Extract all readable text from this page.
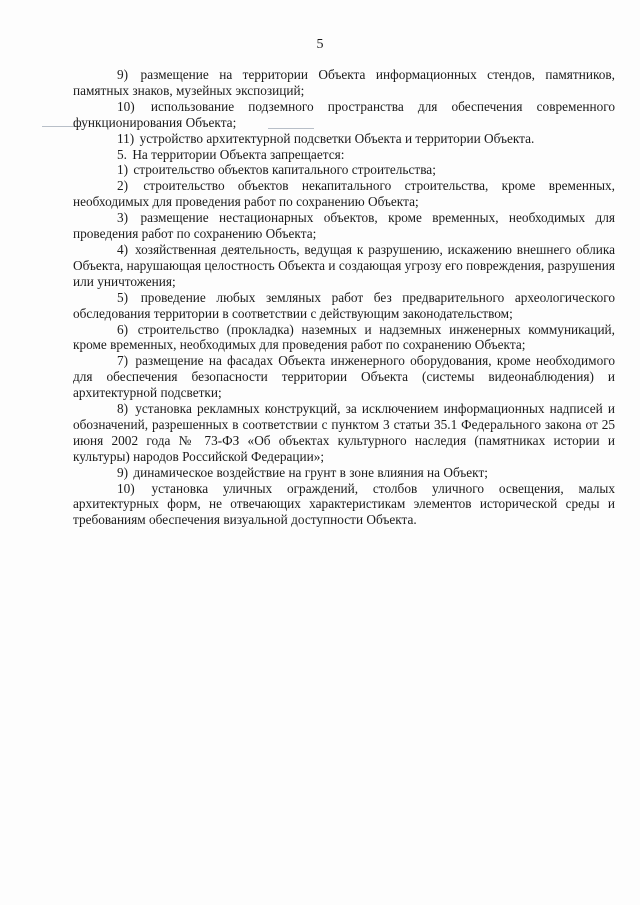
5

9) размещение на территории Объекта информационных стендов, памятников, памятных знаков, музейных экспозиций;

10) использование подземного пространства для обеспечения современного функционирования Объекта;

11) устройство архитектурной подсветки Объекта и территории Объекта.

5. На территории Объекта запрещается:

1) строительство объектов капитального строительства;

2) строительство объектов некапитального строительства, кроме временных, необходимых для проведения работ по сохранению Объекта;

3) размещение нестационарных объектов, кроме временных, необходимых для проведения работ по сохранению Объекта;

4) хозяйственная деятельность, ведущая к разрушению, искажению внешнего облика Объекта, нарушающая целостность Объекта и создающая угрозу его повреждения, разрушения или уничтожения;

5) проведение любых земляных работ без предварительного археологического обследования территории в соответствии с действующим законодательством;

6) строительство (прокладка) наземных и надземных инженерных коммуникаций, кроме временных, необходимых для проведения работ по сохранению Объекта;

7) размещение на фасадах Объекта инженерного оборудования, кроме необходимого для обеспечения безопасности территории Объекта (системы видеонаблюдения) и архитектурной подсветки;

8) установка рекламных конструкций, за исключением информационных надписей и обозначений, разрешенных в соответствии с пунктом 3 статьи 35.1 Федерального закона от 25 июня 2002 года № 73-ФЗ «Об объектах культурного наследия (памятниках истории и культуры) народов Российской Федерации»;

9) динамическое воздействие на грунт в зоне влияния на Объект;

10) установка уличных ограждений, столбов уличного освещения, малых архитектурных форм, не отвечающих характеристикам элементов исторической среды и требованиям обеспечения визуальной доступности Объекта.
